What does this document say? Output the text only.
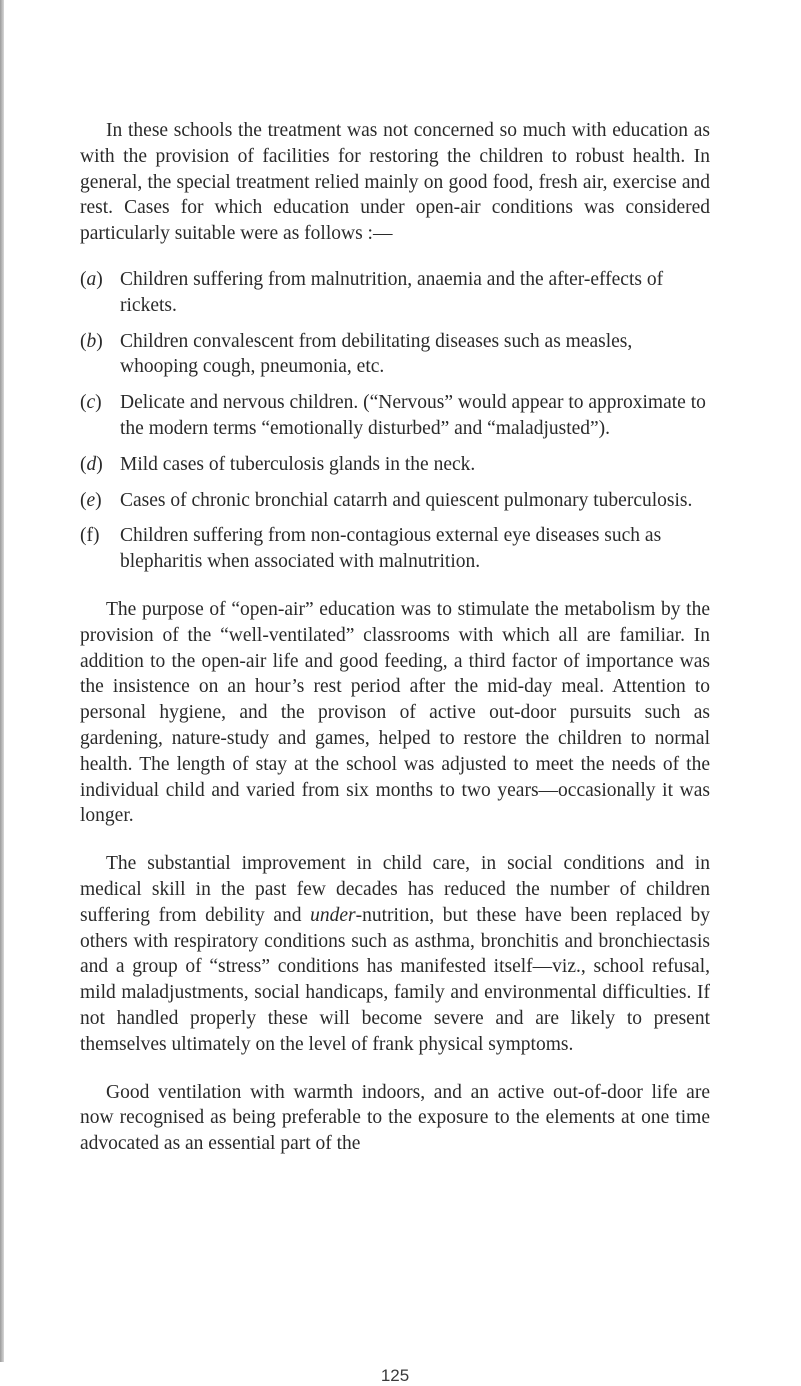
In these schools the treatment was not concerned so much with education as with the provision of facilities for restoring the children to robust health. In general, the special treatment relied mainly on good food, fresh air, exercise and rest. Cases for which education under open-air conditions was considered particularly suitable were as follows :—

(a) Children suffering from malnutrition, anaemia and the after-effects of rickets.
(b) Children convalescent from debilitating diseases such as measles, whooping cough, pneumonia, etc.
(c) Delicate and nervous children. (“Nervous” would appear to approximate to the modern terms “emotionally disturbed” and “maladjusted”).
(d) Mild cases of tuberculosis glands in the neck.
(e) Cases of chronic bronchial catarrh and quiescent pulmonary tuberculosis.
(f) Children suffering from non-contagious external eye diseases such as blepharitis when associated with malnutrition.

The purpose of “open-air” education was to stimulate the metabolism by the provision of the “well-ventilated” classrooms with which all are familiar. In addition to the open-air life and good feeding, a third factor of importance was the insistence on an hour’s rest period after the mid-day meal. Attention to personal hygiene, and the provison of active out-door pursuits such as gardening, nature-study and games, helped to restore the children to normal health. The length of stay at the school was adjusted to meet the needs of the individual child and varied from six months to two years—occasionally it was longer.

The substantial improvement in child care, in social conditions and in medical skill in the past few decades has reduced the number of children suffering from debility and under-nutrition, but these have been replaced by others with respiratory conditions such as asthma, bronchitis and bronchiectasis and a group of “stress” conditions has manifested itself—viz., school refusal, mild maladjustments, social handicaps, family and environmental difficulties. If not handled properly these will become severe and are likely to present themselves ultimately on the level of frank physical symptoms.

Good ventilation with warmth indoors, and an active out-of-door life are now recognised as being preferable to the exposure to the elements at one time advocated as an essential part of the

125
